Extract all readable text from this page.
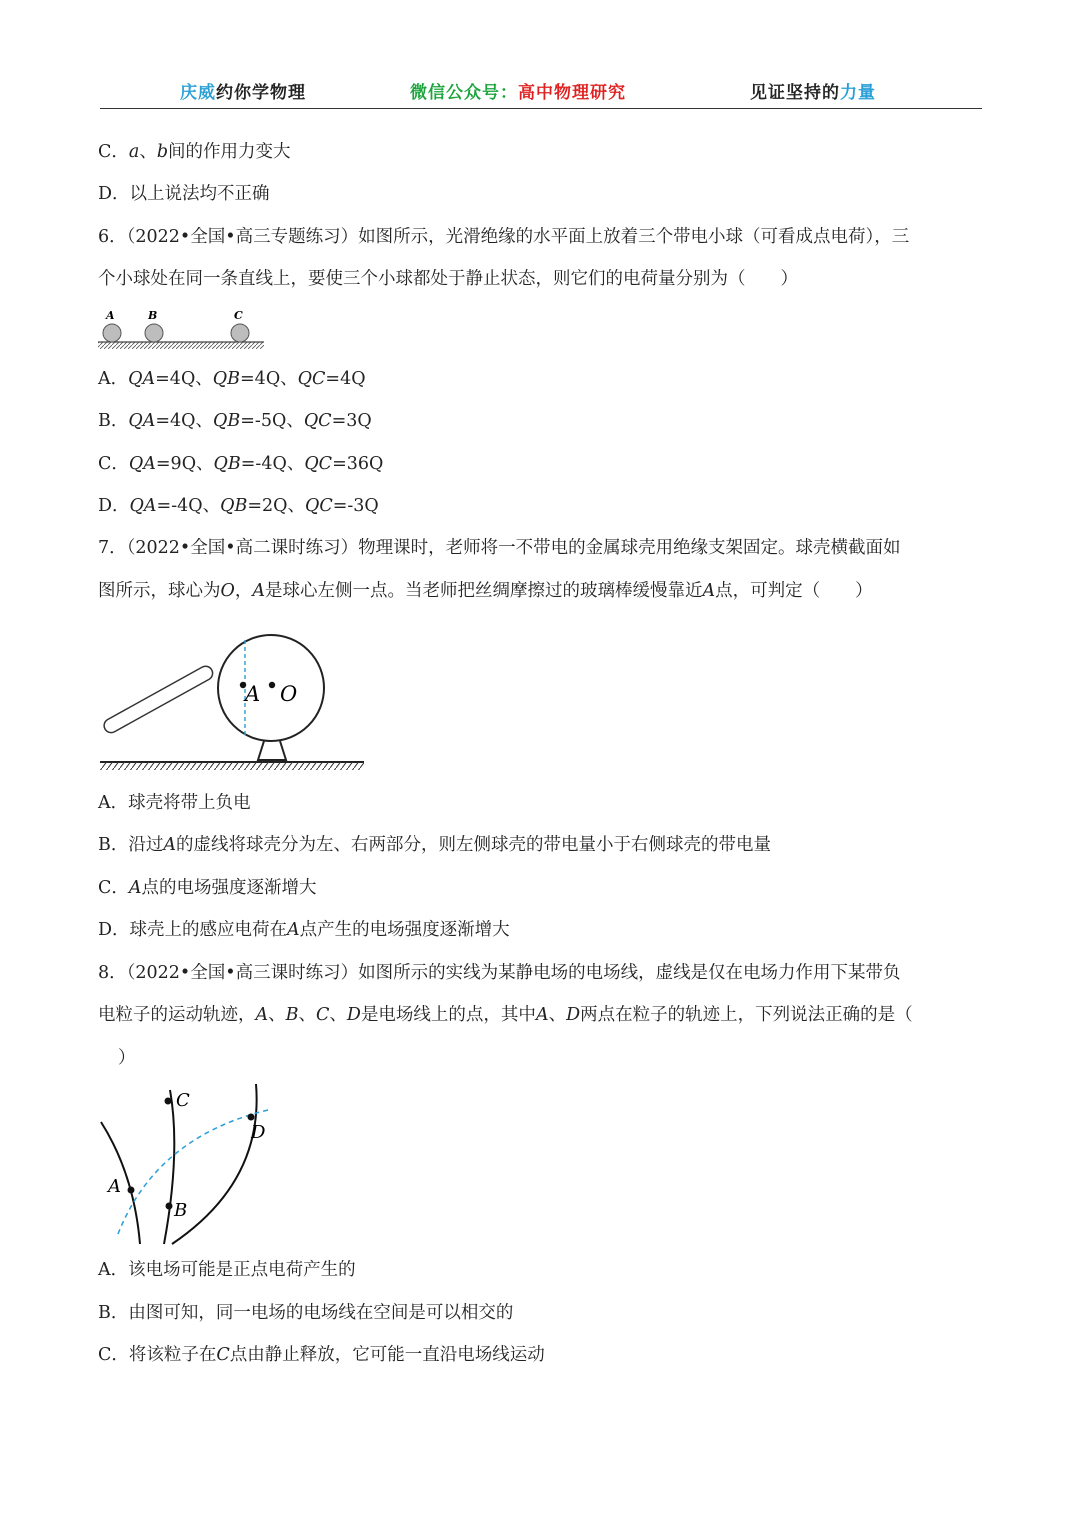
庆威约你学物理	微信公众号：高中物理研究	见证坚持的力量
C．a、b间的作用力变大
D．以上说法均不正确
6．（2022•全国•高三专题练习）如图所示，光滑绝缘的水平面上放着三个带电小球（可看成点电荷），三
个小球处在同一条直线上，要使三个小球都处于静止状态，则它们的电荷量分别为（　　）
A	B	C
A．QA=4Q、QB=4Q、QC=4Q
B．QA=4Q、QB=-5Q、QC=3Q
C．QA=9Q、QB=-4Q、QC=36Q
D．QA=-4Q、QB=2Q、QC=-3Q
7．（2022•全国•高二课时练习）物理课时，老师将一不带电的金属球壳用绝缘支架固定。球壳横截面如
图所示，球心为O，A是球心左侧一点。当老师把丝绸摩擦过的玻璃棒缓慢靠近A点，可判定（　　）
A O
A．球壳将带上负电
B．沿过A的虚线将球壳分为左、右两部分，则左侧球壳的带电量小于右侧球壳的带电量
C．A点的电场强度逐渐增大
D．球壳上的感应电荷在A点产生的电场强度逐渐增大
8．（2022•全国•高三课时练习）如图所示的实线为某静电场的电场线，虚线是仅在电场力作用下某带负
电粒子的运动轨迹，A、B、C、D是电场线上的点，其中A、D两点在粒子的轨迹上，下列说法正确的是（
）
A
B
C
D
A．该电场可能是正点电荷产生的
B．由图可知，同一电场的电场线在空间是可以相交的
C．将该粒子在C点由静止释放，它可能一直沿电场线运动
